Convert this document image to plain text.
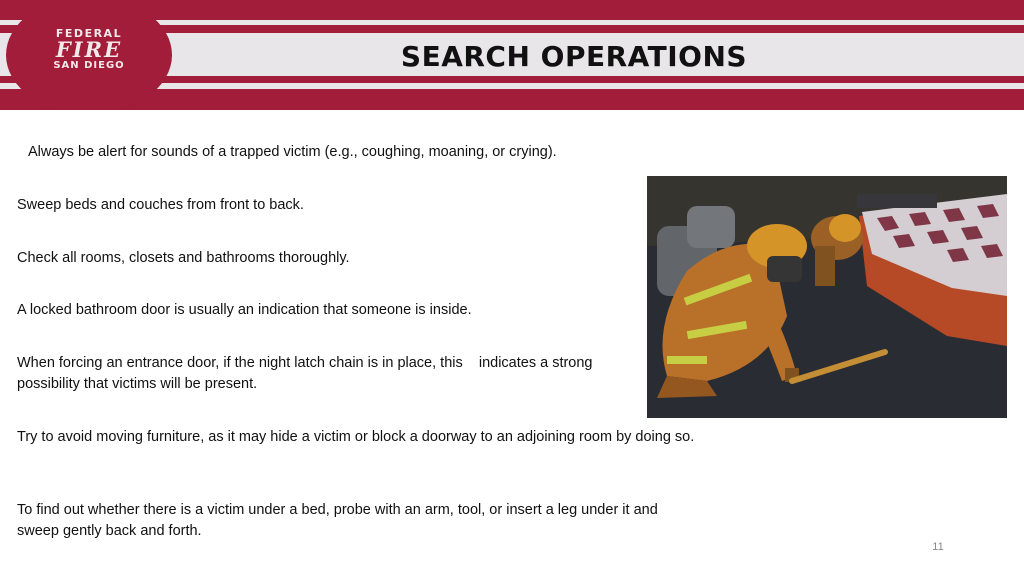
FEDERAL
FIRE
SAN DIEGO	SEARCH OPERATIONS
Always be alert for sounds of a trapped victim (e.g., coughing, moaning, or crying).
Sweep beds and couches from front to back.
Check all rooms, closets and bathrooms thoroughly.
A locked bathroom door is usually an indication that someone is inside.
When forcing an entrance door, if the night latch chain is in place, this    indicates a strong possibility that victims will be present.
Try to avoid moving furniture, as it may hide a victim or block a doorway to an adjoining room by doing so.
To find out whether there is a victim under a bed, probe with an arm, tool, or insert a leg under it and sweep gently back and forth.
11
